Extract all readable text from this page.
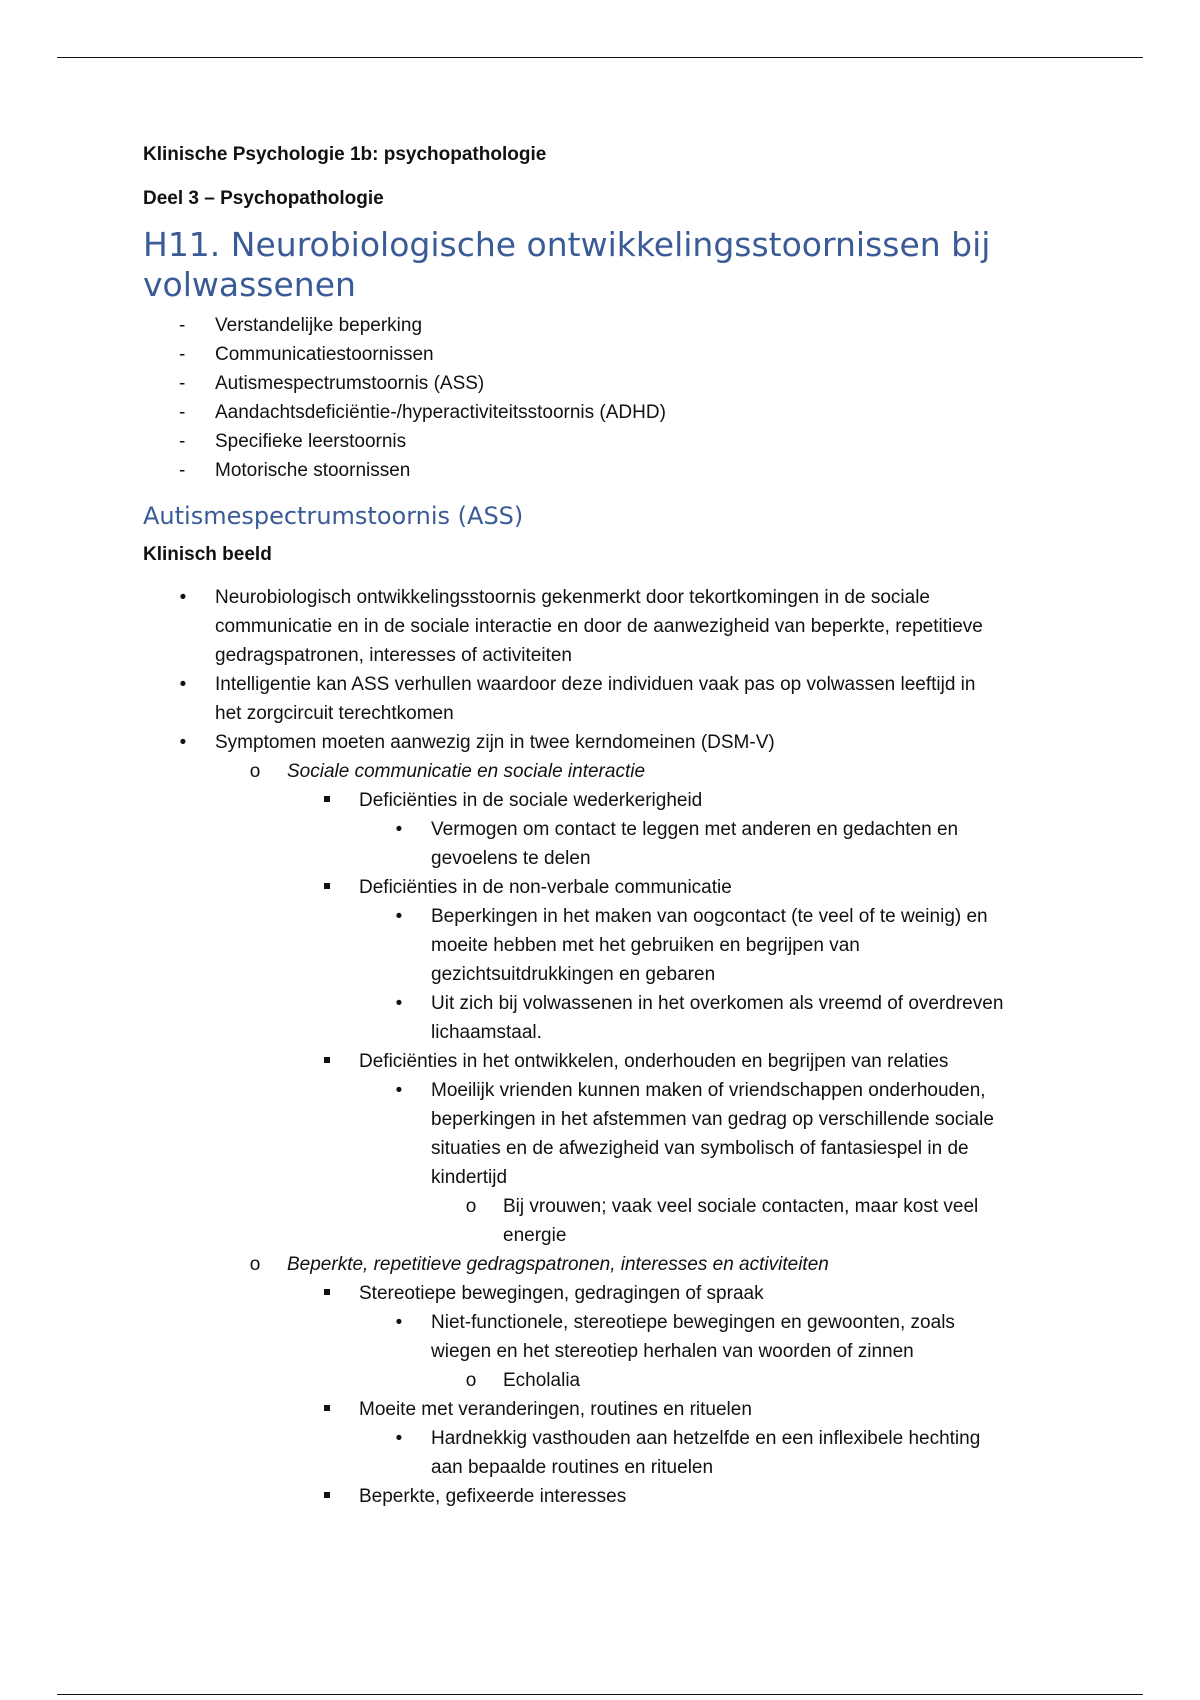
Klinische Psychologie 1b: psychopathologie

Deel 3 – Psychopathologie

H11. Neurobiologische ontwikkelingsstoornissen bij
volwassenen
- Verstandelijke beperking
- Communicatiestoornissen
- Autismespectrumstoornis (ASS)
- Aandachtsdeficiëntie-/hyperactiviteitsstoornis (ADHD)
- Specifieke leerstoornis
- Motorische stoornissen
Autismespectrumstoornis (ASS)

Klinisch beeld

•	Neurobiologisch ontwikkelingsstoornis gekenmerkt door tekortkomingen in de sociale
communicatie en in de sociale interactie en door de aanwezigheid van beperkte, repetitieve
gedragspatronen, interesses of activiteiten
•	Intelligentie kan ASS verhullen waardoor deze individuen vaak pas op volwassen leeftijd in
het zorgcircuit terechtkomen
•	Symptomen moeten aanwezig zijn in twee kerndomeinen (DSM-V)
o Sociale communicatie en sociale interactie
Deficiënties in de sociale wederkerigheid
•	Vermogen om contact te leggen met anderen en gedachten en
gevoelens te delen
Deficiënties in de non-verbale communicatie
•	Beperkingen in het maken van oogcontact (te veel of te weinig) en
moeite hebben met het gebruiken en begrijpen van
gezichtsuitdrukkingen en gebaren
•	Uit zich bij volwassenen in het overkomen als vreemd of overdreven
lichaamstaal.
Deficiënties in het ontwikkelen, onderhouden en begrijpen van relaties
•	Moeilijk vrienden kunnen maken of vriendschappen onderhouden,
beperkingen in het afstemmen van gedrag op verschillende sociale
situaties en de afwezigheid van symbolisch of fantasiespel in de
kindertijd
o Bij vrouwen; vaak veel sociale contacten, maar kost veel
energie
o Beperkte, repetitieve gedragspatronen, interesses en activiteiten
Stereotiepe bewegingen, gedragingen of spraak
•	Niet-functionele, stereotiepe bewegingen en gewoonten, zoals
wiegen en het stereotiep herhalen van woorden of zinnen
o Echolalia
Moeite met veranderingen, routines en rituelen
•	Hardnekkig vasthouden aan hetzelfde en een inflexibele hechting
aan bepaalde routines en rituelen
Beperkte, gefixeerde interesses
